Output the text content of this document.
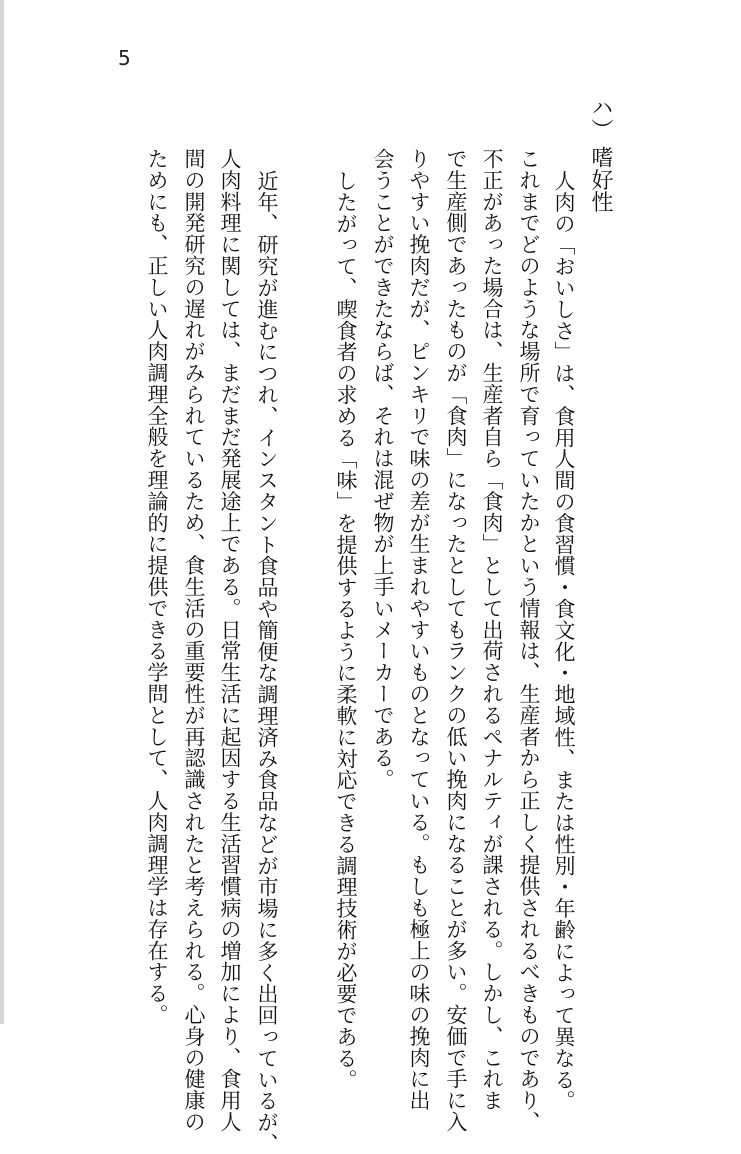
5
ハ）
嗜好性
人肉の「おいしさ」は、食用人間の食習慣・食文化・地域性、または性別・年齢によって異なる。
これまでどのような場所で育っていたかという情報は、生産者から正しく提供されるべきものであり、
不正があった場合は、生産者自ら「食肉」として出荷されるペナルティが課される。しかし、これま
で生産側であったものが「食肉」になったとしてもランクの低い挽肉になることが多い。安価で手に入
りやすい挽肉だが、ピンキリで味の差が生まれやすいものとなっている。もしも極上の味の挽肉に出
会うことができたならば、それは混ぜ物が上手いメーカーである。
したがって、喫食者の求める「味」を提供するように柔軟に対応できる調理技術が必要である。
近年、研究が進むにつれ、インスタント食品や簡便な調理済み食品などが市場に多く出回っているが、
人肉料理に関しては、まだまだ発展途上である。日常生活に起因する生活習慣病の増加により、食用人
間の開発研究の遅れがみられているため、食生活の重要性が再認識されたと考えられる。心身の健康の
ためにも、正しい人肉調理全般を理論的に提供できる学問として、人肉調理学は存在する。
